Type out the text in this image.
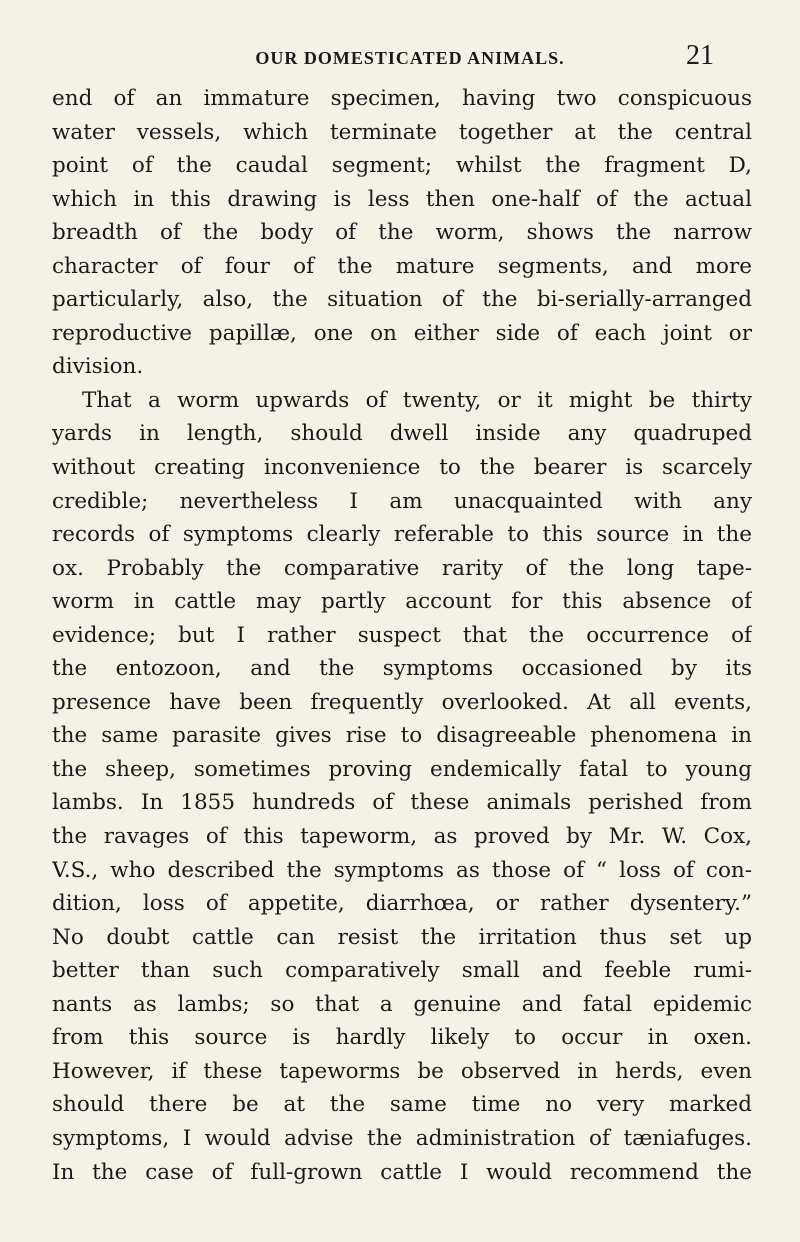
OUR DOMESTICATED ANIMALS.	21
end of an immature specimen, having two conspicuous
water vessels, which terminate together at the central
point of the caudal segment; whilst the fragment D,
which in this drawing is less then one-half of the actual
breadth of the body of the worm, shows the narrow
character of four of the mature segments, and more
particularly, also, the situation of the bi-serially-arranged
reproductive papillæ, one on either side of each joint or
division.
That a worm upwards of twenty, or it might be thirty
yards in length, should dwell inside any quadruped
without creating inconvenience to the bearer is scarcely
credible; nevertheless I am unacquainted with any
records of symptoms clearly referable to this source in the
ox. Probably the comparative rarity of the long tape-
worm in cattle may partly account for this absence of
evidence; but I rather suspect that the occurrence of
the entozoon, and the symptoms occasioned by its
presence have been frequently overlooked. At all events,
the same parasite gives rise to disagreeable phenomena in
the sheep, sometimes proving endemically fatal to young
lambs. In 1855 hundreds of these animals perished from
the ravages of this tapeworm, as proved by Mr. W. Cox,
V.S., who described the symptoms as those of “ loss of con-
dition, loss of appetite, diarrhœa, or rather dysentery.”
No doubt cattle can resist the irritation thus set up
better than such comparatively small and feeble rumi-
nants as lambs; so that a genuine and fatal epidemic
from this source is hardly likely to occur in oxen.
However, if these tapeworms be observed in herds, even
should there be at the same time no very marked
symptoms, I would advise the administration of tæniafuges.
In the case of full-grown cattle I would recommend the
